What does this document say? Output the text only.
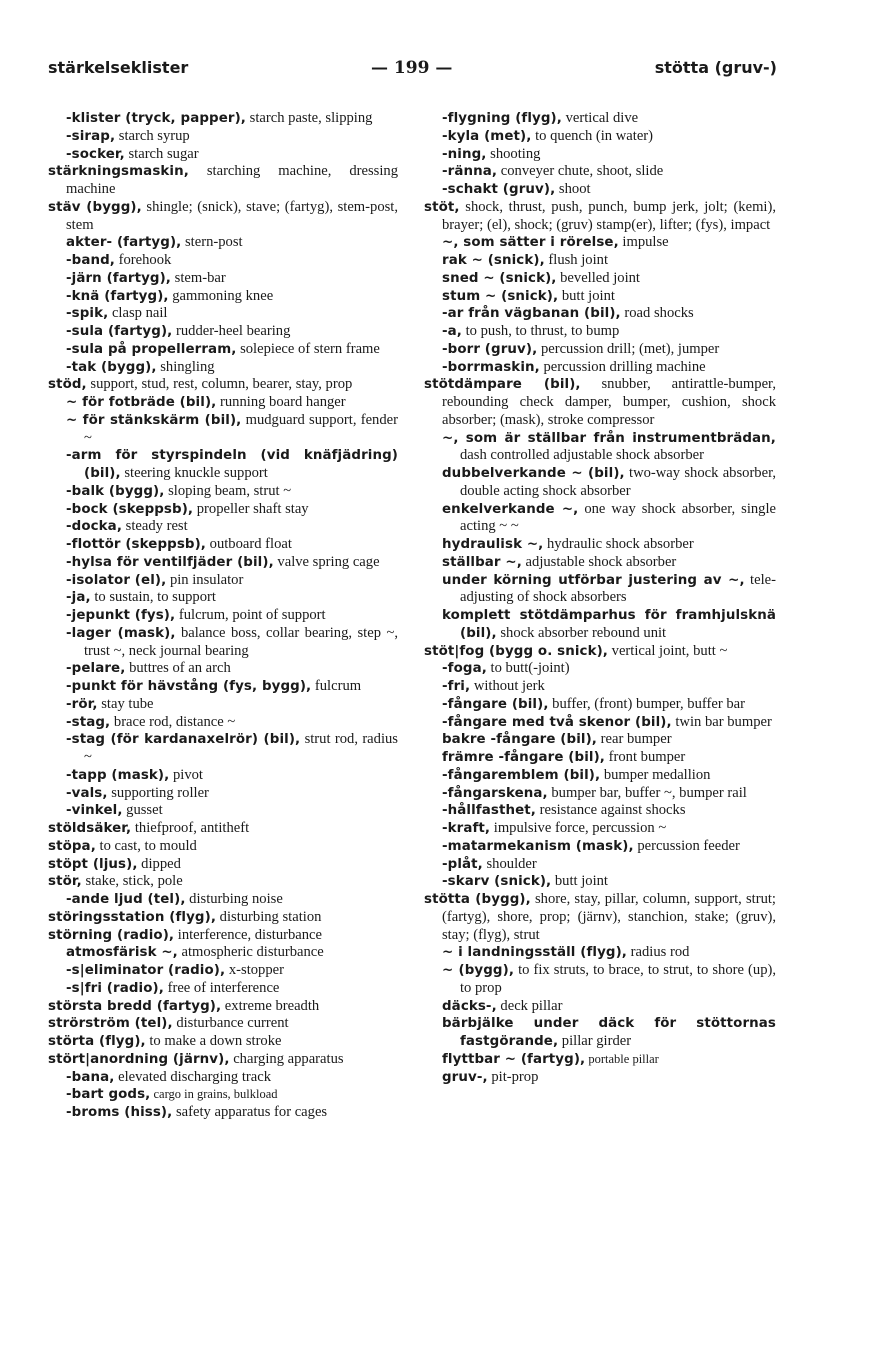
stärkelseklister	— 199 —	stötta (gruv-)

-klister (tryck, papper), starch paste, slipping

-sirap, starch syrup

-socker, starch sugar

stärkningsmaskin, starching machine, dressing machine

stäv (bygg), shingle; (snick), stave; (fartyg), stem-post, stem

akter- (fartyg), stern-post

-band, forehook

-järn (fartyg), stem-bar

-knä (fartyg), gammoning knee

-spik, clasp nail

-sula (fartyg), rudder-heel bearing

-sula på propellerram, solepiece of stern frame

-tak (bygg), shingling

stöd, support, stud, rest, column, bearer, stay, prop

~ för fotbräde (bil), running board hanger

~ för stänkskärm (bil), mudguard support, fender ~

-arm för styrspindeln (vid knäfjädring) (bil), steering knuckle support

-balk (bygg), sloping beam, strut ~

-bock (skeppsb), propeller shaft stay

-docka, steady rest

-flottör (skeppsb), outboard float

-hylsa för ventilfjäder (bil), valve spring cage

-isolator (el), pin insulator

-ja, to sustain, to support

-jepunkt (fys), fulcrum, point of support

-lager (mask), balance boss, collar bearing, step ~, trust ~, neck journal bearing

-pelare, buttres of an arch

-punkt för hävstång (fys, bygg), fulcrum

-rör, stay tube

-stag, brace rod, distance ~

-stag (för kardanaxelrör) (bil), strut rod, radius ~

-tapp (mask), pivot

-vals, supporting roller

-vinkel, gusset

stöldsäker, thiefproof, antitheft

stöpa, to cast, to mould

stöpt (ljus), dipped

stör, stake, stick, pole

-ande ljud (tel), disturbing noise

störingsstation (flyg), disturbing station

störning (radio), interference, disturbance

atmosfärisk ~, atmospheric disturbance

-s|eliminator (radio), x-stopper

-s|fri (radio), free of interference

största bredd (fartyg), extreme breadth

strörström (tel), disturbance current

störta (flyg), to make a down stroke

stört|anordning (järnv), charging apparatus

-bana, elevated discharging track

-bart gods, cargo in grains, bulkload

-broms (hiss), safety apparatus for cages

-flygning (flyg), vertical dive

-kyla (met), to quench (in water)

-ning, shooting

-ränna, conveyer chute, shoot, slide

-schakt (gruv), shoot

stöt, shock, thrust, push, punch, bump jerk, jolt; (kemi), brayer; (el), shock; (gruv) stamp(er), lifter; (fys), impact

~, som sätter i rörelse, impulse

rak ~ (snick), flush joint

sned ~ (snick), bevelled joint

stum ~ (snick), butt joint

-ar från vägbanan (bil), road shocks

-a, to push, to thrust, to bump

-borr (gruv), percussion drill; (met), jumper

-borrmaskin, percussion drilling machine

stötdämpare (bil), snubber, antirattle-bumper, rebounding check damper, bumper, cushion, shock absorber; (mask), stroke compressor

~, som är ställbar från instrumentbrädan, dash controlled adjustable shock absorber

dubbelverkande ~ (bil), two-way shock absorber, double acting shock absorber

enkelverkande ~, one way shock absorber, single acting ~ ~

hydraulisk ~, hydraulic shock absorber

ställbar ~, adjustable shock absorber

under körning utförbar justering av ~, tele-adjusting of shock absorbers

komplett stötdämparhus för framhjulsknä (bil), shock absorber rebound unit

stöt|fog (bygg o. snick), vertical joint, butt ~

-foga, to butt(-joint)

-fri, without jerk

-fångare (bil), buffer, (front) bumper, buffer bar

-fångare med två skenor (bil), twin bar bumper

bakre -fångare (bil), rear bumper

främre -fångare (bil), front bumper

-fångaremblem (bil), bumper medallion

-fångarskena, bumper bar, buffer ~, bumper rail

-hållfasthet, resistance against shocks

-kraft, impulsive force, percussion ~

-matarmekanism (mask), percussion feeder

-plåt, shoulder

-skarv (snick), butt joint

stötta (bygg), shore, stay, pillar, column, support, strut; (fartyg), shore, prop; (järnv), stanchion, stake; (gruv), stay; (flyg), strut

~ i landningsställ (flyg), radius rod

~ (bygg), to fix struts, to brace, to strut, to shore (up), to prop

däcks-, deck pillar

bärbjälke under däck för stöttornas fastgörande, pillar girder

flyttbar ~ (fartyg), portable pillar

gruv-, pit-prop
